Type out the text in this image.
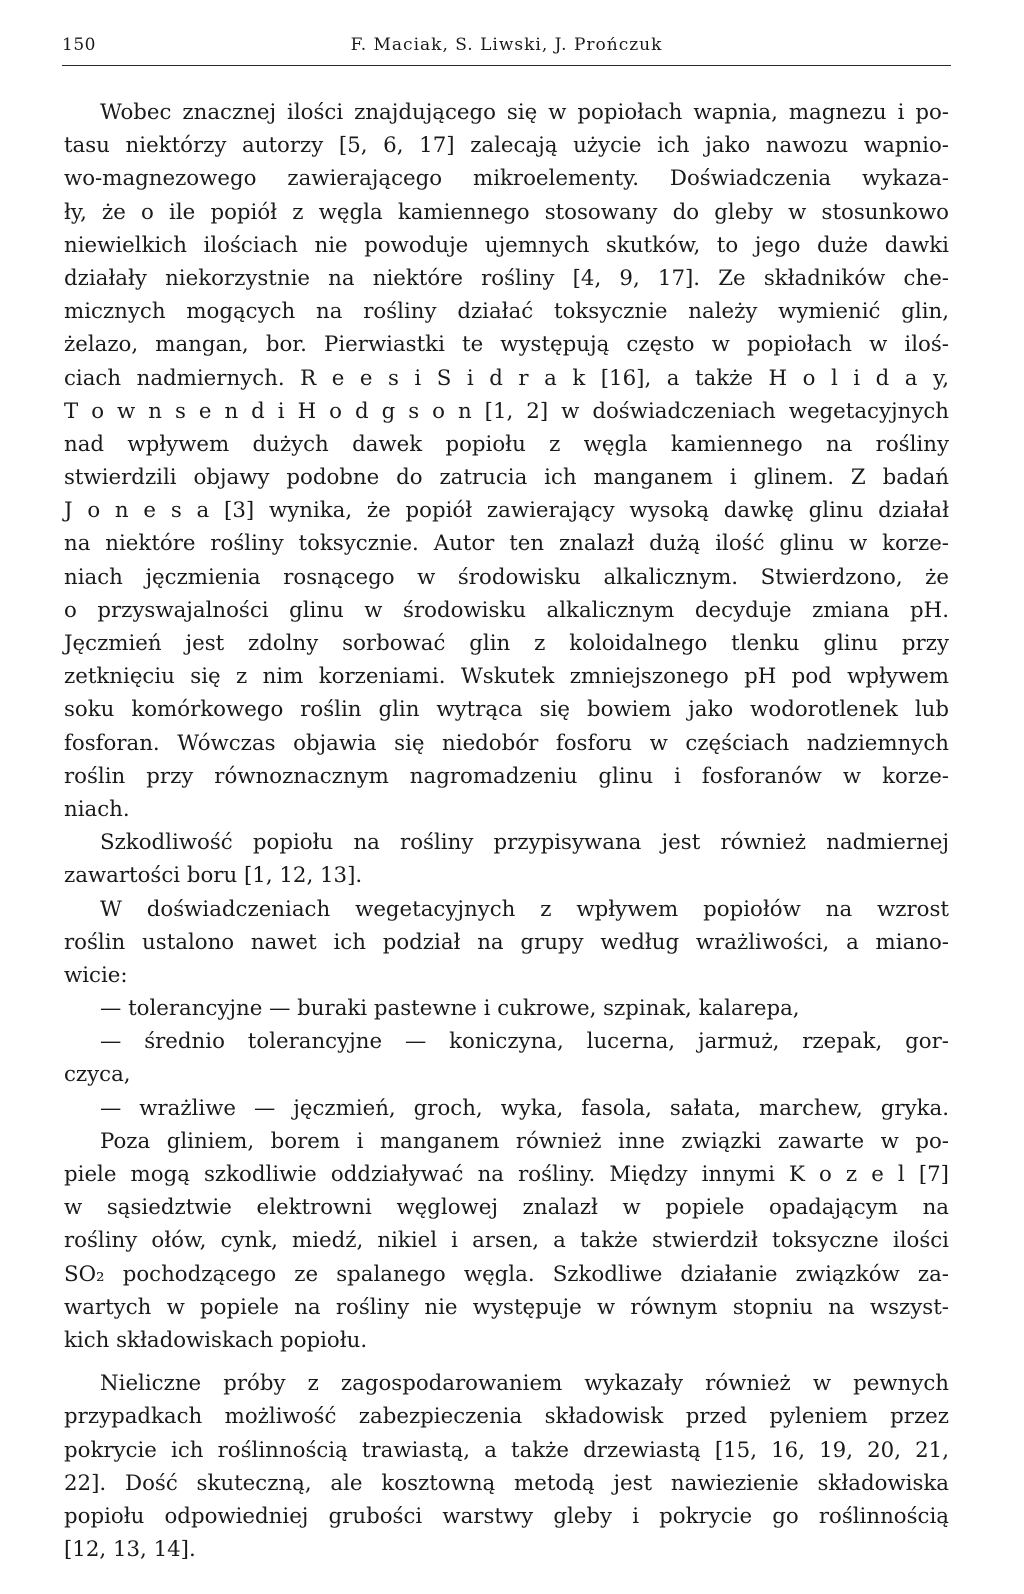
150	F. Maciak, S. Liwski, J. Prończuk
Wobec znacznej ilości znajdującego się w popiołach wapnia, magnezu i po-
tasu niektórzy autorzy [5, 6, 17] zalecają użycie ich jako nawozu wapnio-
wo-magnezowego zawierającego mikroelementy. Doświadczenia wykaza-
ły, że o ile popiół z węgla kamiennego stosowany do gleby w stosunkowo
niewielkich ilościach nie powoduje ujemnych skutków, to jego duże dawki
działały niekorzystnie na niektóre rośliny [4, 9, 17]. Ze składników che-
micznych mogących na rośliny działać toksycznie należy wymienić glin,
żelazo, mangan, bor. Pierwiastki te występują często w popiołach w iloś-
ciach nadmiernych. R e e s i S i d r a k [16], a także H o l i d a y,
T o w n s e n d i H o d g s o n [1, 2] w doświadczeniach wegetacyjnych
nad wpływem dużych dawek popiołu z węgla kamiennego na rośliny
stwierdzili objawy podobne do zatrucia ich manganem i glinem. Z badań
J o n e s a [3] wynika, że popiół zawierający wysoką dawkę glinu działał
na niektóre rośliny toksycznie. Autor ten znalazł dużą ilość glinu w korze-
niach jęczmienia rosnącego w środowisku alkalicznym. Stwierdzono, że
o przyswajalności glinu w środowisku alkalicznym decyduje zmiana pH.
Jęczmień jest zdolny sorbować glin z koloidalnego tlenku glinu przy
zetknięciu się z nim korzeniami. Wskutek zmniejszonego pH pod wpływem
soku komórkowego roślin glin wytrąca się bowiem jako wodorotlenek lub
fosforan. Wówczas objawia się niedobór fosforu w częściach nadziemnych
roślin przy równoznacznym nagromadzeniu glinu i fosforanów w korze-
niach.
Szkodliwość popiołu na rośliny przypisywana jest również nadmiernej
zawartości boru [1, 12, 13].
W doświadczeniach wegetacyjnych z wpływem popiołów na wzrost
roślin ustalono nawet ich podział na grupy według wrażliwości, a miano-
wicie:
— tolerancyjne — buraki pastewne i cukrowe, szpinak, kalarepa,
— średnio tolerancyjne — koniczyna, lucerna, jarmuż, rzepak, gor-
czyca,
— wrażliwe — jęczmień, groch, wyka, fasola, sałata, marchew, gryka.
Poza gliniem, borem i manganem również inne związki zawarte w po-
piele mogą szkodliwie oddziaływać na rośliny. Między innymi K o z e l [7]
w sąsiedztwie elektrowni węglowej znalazł w popiele opadającym na
rośliny ołów, cynk, miedź, nikiel i arsen, a także stwierdził toksyczne ilości
SO₂ pochodzącego ze spalanego węgla. Szkodliwe działanie związków za-
wartych w popiele na rośliny nie występuje w równym stopniu na wszyst-
kich składowiskach popiołu.
Nieliczne próby z zagospodarowaniem wykazały również w pewnych
przypadkach możliwość zabezpieczenia składowisk przed pyleniem przez
pokrycie ich roślinnością trawiastą, a także drzewiastą [15, 16, 19, 20, 21,
22]. Dość skuteczną, ale kosztowną metodą jest nawiezienie składowiska
popiołu odpowiedniej grubości warstwy gleby i pokrycie go roślinnością
[12, 13, 14].
